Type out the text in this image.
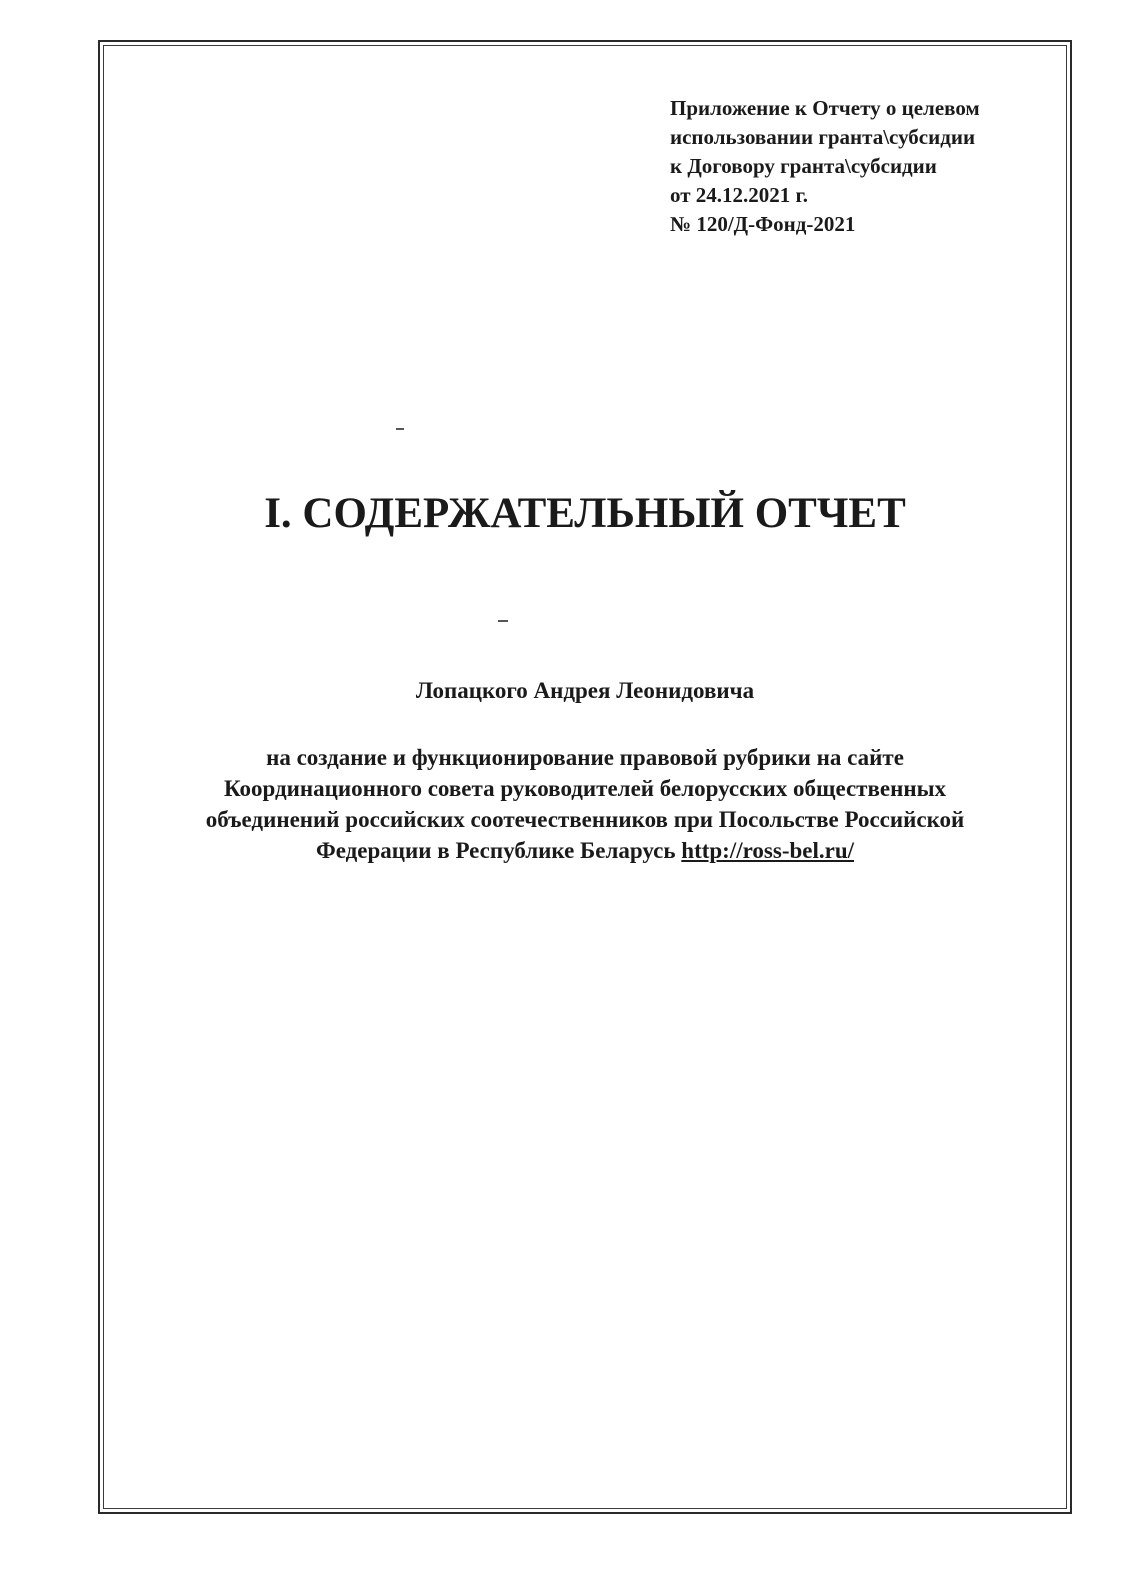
Приложение к Отчету о целевом
использовании гранта\субсидии
к Договору гранта\субсидии
от 24.12.2021 г.
№ 120/Д-Фонд-2021
I. СОДЕРЖАТЕЛЬНЫЙ ОТЧЕТ
Лопацкого Андрея Леонидовича
на создание и функционирование правовой рубрики на сайте
Координационного совета руководителей белорусских общественных
объединений российских соотечественников при Посольстве Российской
Федерации в Республике Беларусь http://ross-bel.ru/
